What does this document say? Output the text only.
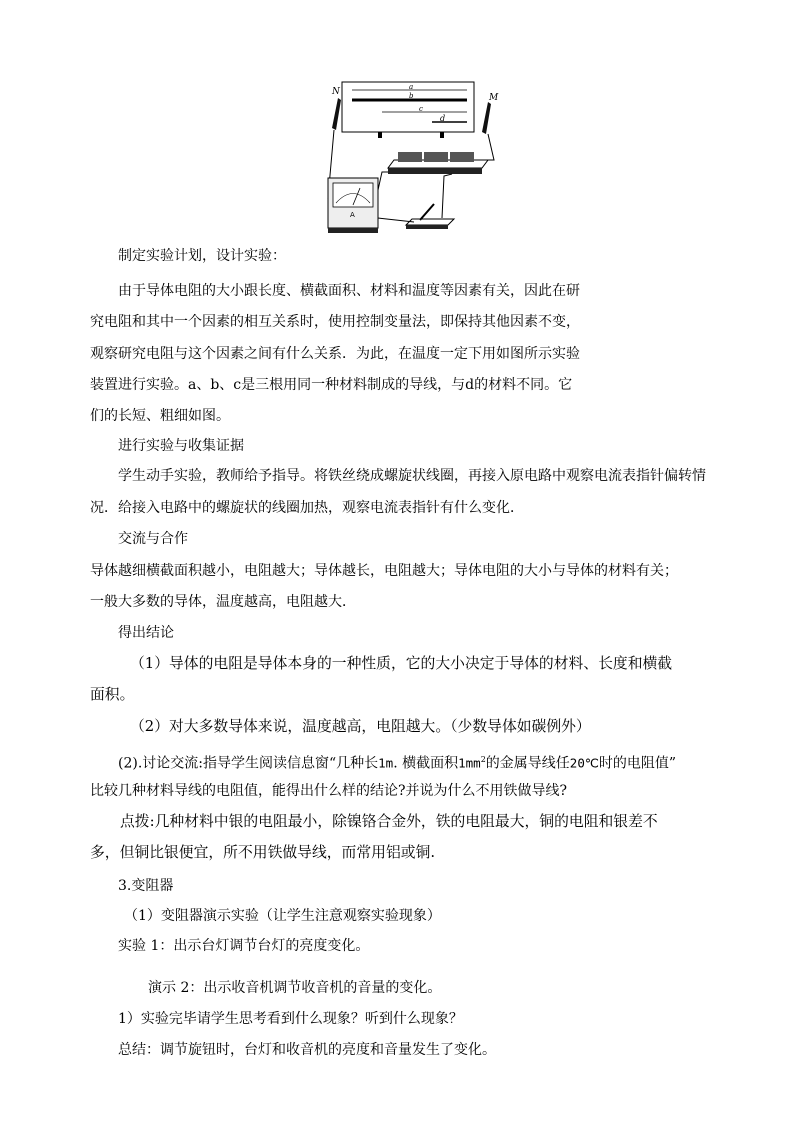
a
b
c
d
N
M
A
制定实验计划，设计实验：
由于导体电阻的大小跟长度、横截面积、材料和温度等因素有关，因此在研
究电阻和其中一个因素的相互关系时，使用控制变量法，即保持其他因素不变，
观察研究电阻与这个因素之间有什么关系．为此，在温度一定下用如图所示实验
装置进行实验。a、b、c是三根用同一种材料制成的导线，与d的材料不同。它
们的长短、粗细如图。
进行实验与收集证据
学生动手实验，教师给予指导。将铁丝绕成螺旋状线圈，再接入原电路中观察电流表指针偏转情
况．给接入电路中的螺旋状的线圈加热，观察电流表指针有什么变化．
交流与合作
导体越细横截面积越小，电阻越大；导体越长，电阻越大；导体电阻的大小与导体的材料有关；
一般大多数的导体，温度越高，电阻越大．
得出结论
（1）导体的电阻是导体本身的一种性质，它的大小决定于导体的材料、长度和横截
面积。
（2）对大多数导体来说，温度越高，电阻越大。（少数导体如碳例外）
(2).讨论交流:指导学生阅读信息窗“几种长1m. 横截面积$1mm^2$的金属导线任20℃时的电阻值”
比较几种材料导线的电阻值，能得出什么样的结论?并说为什么不用铁做导线?
点拨:几种材料中银的电阻最小，除镍铬合金外，铁的电阻最大，铜的电阻和银差不
多，但铜比银便宜，所不用铁做导线，而常用铝或铜.
3.变阻器
（1）变阻器演示实验（让学生注意观察实验现象）
实验 1：出示台灯调节台灯的亮度变化。
演示 2：出示收音机调节收音机的音量的变化。
1）实验完毕请学生思考看到什么现象？听到什么现象？
总结：调节旋钮时，台灯和收音机的亮度和音量发生了变化。
